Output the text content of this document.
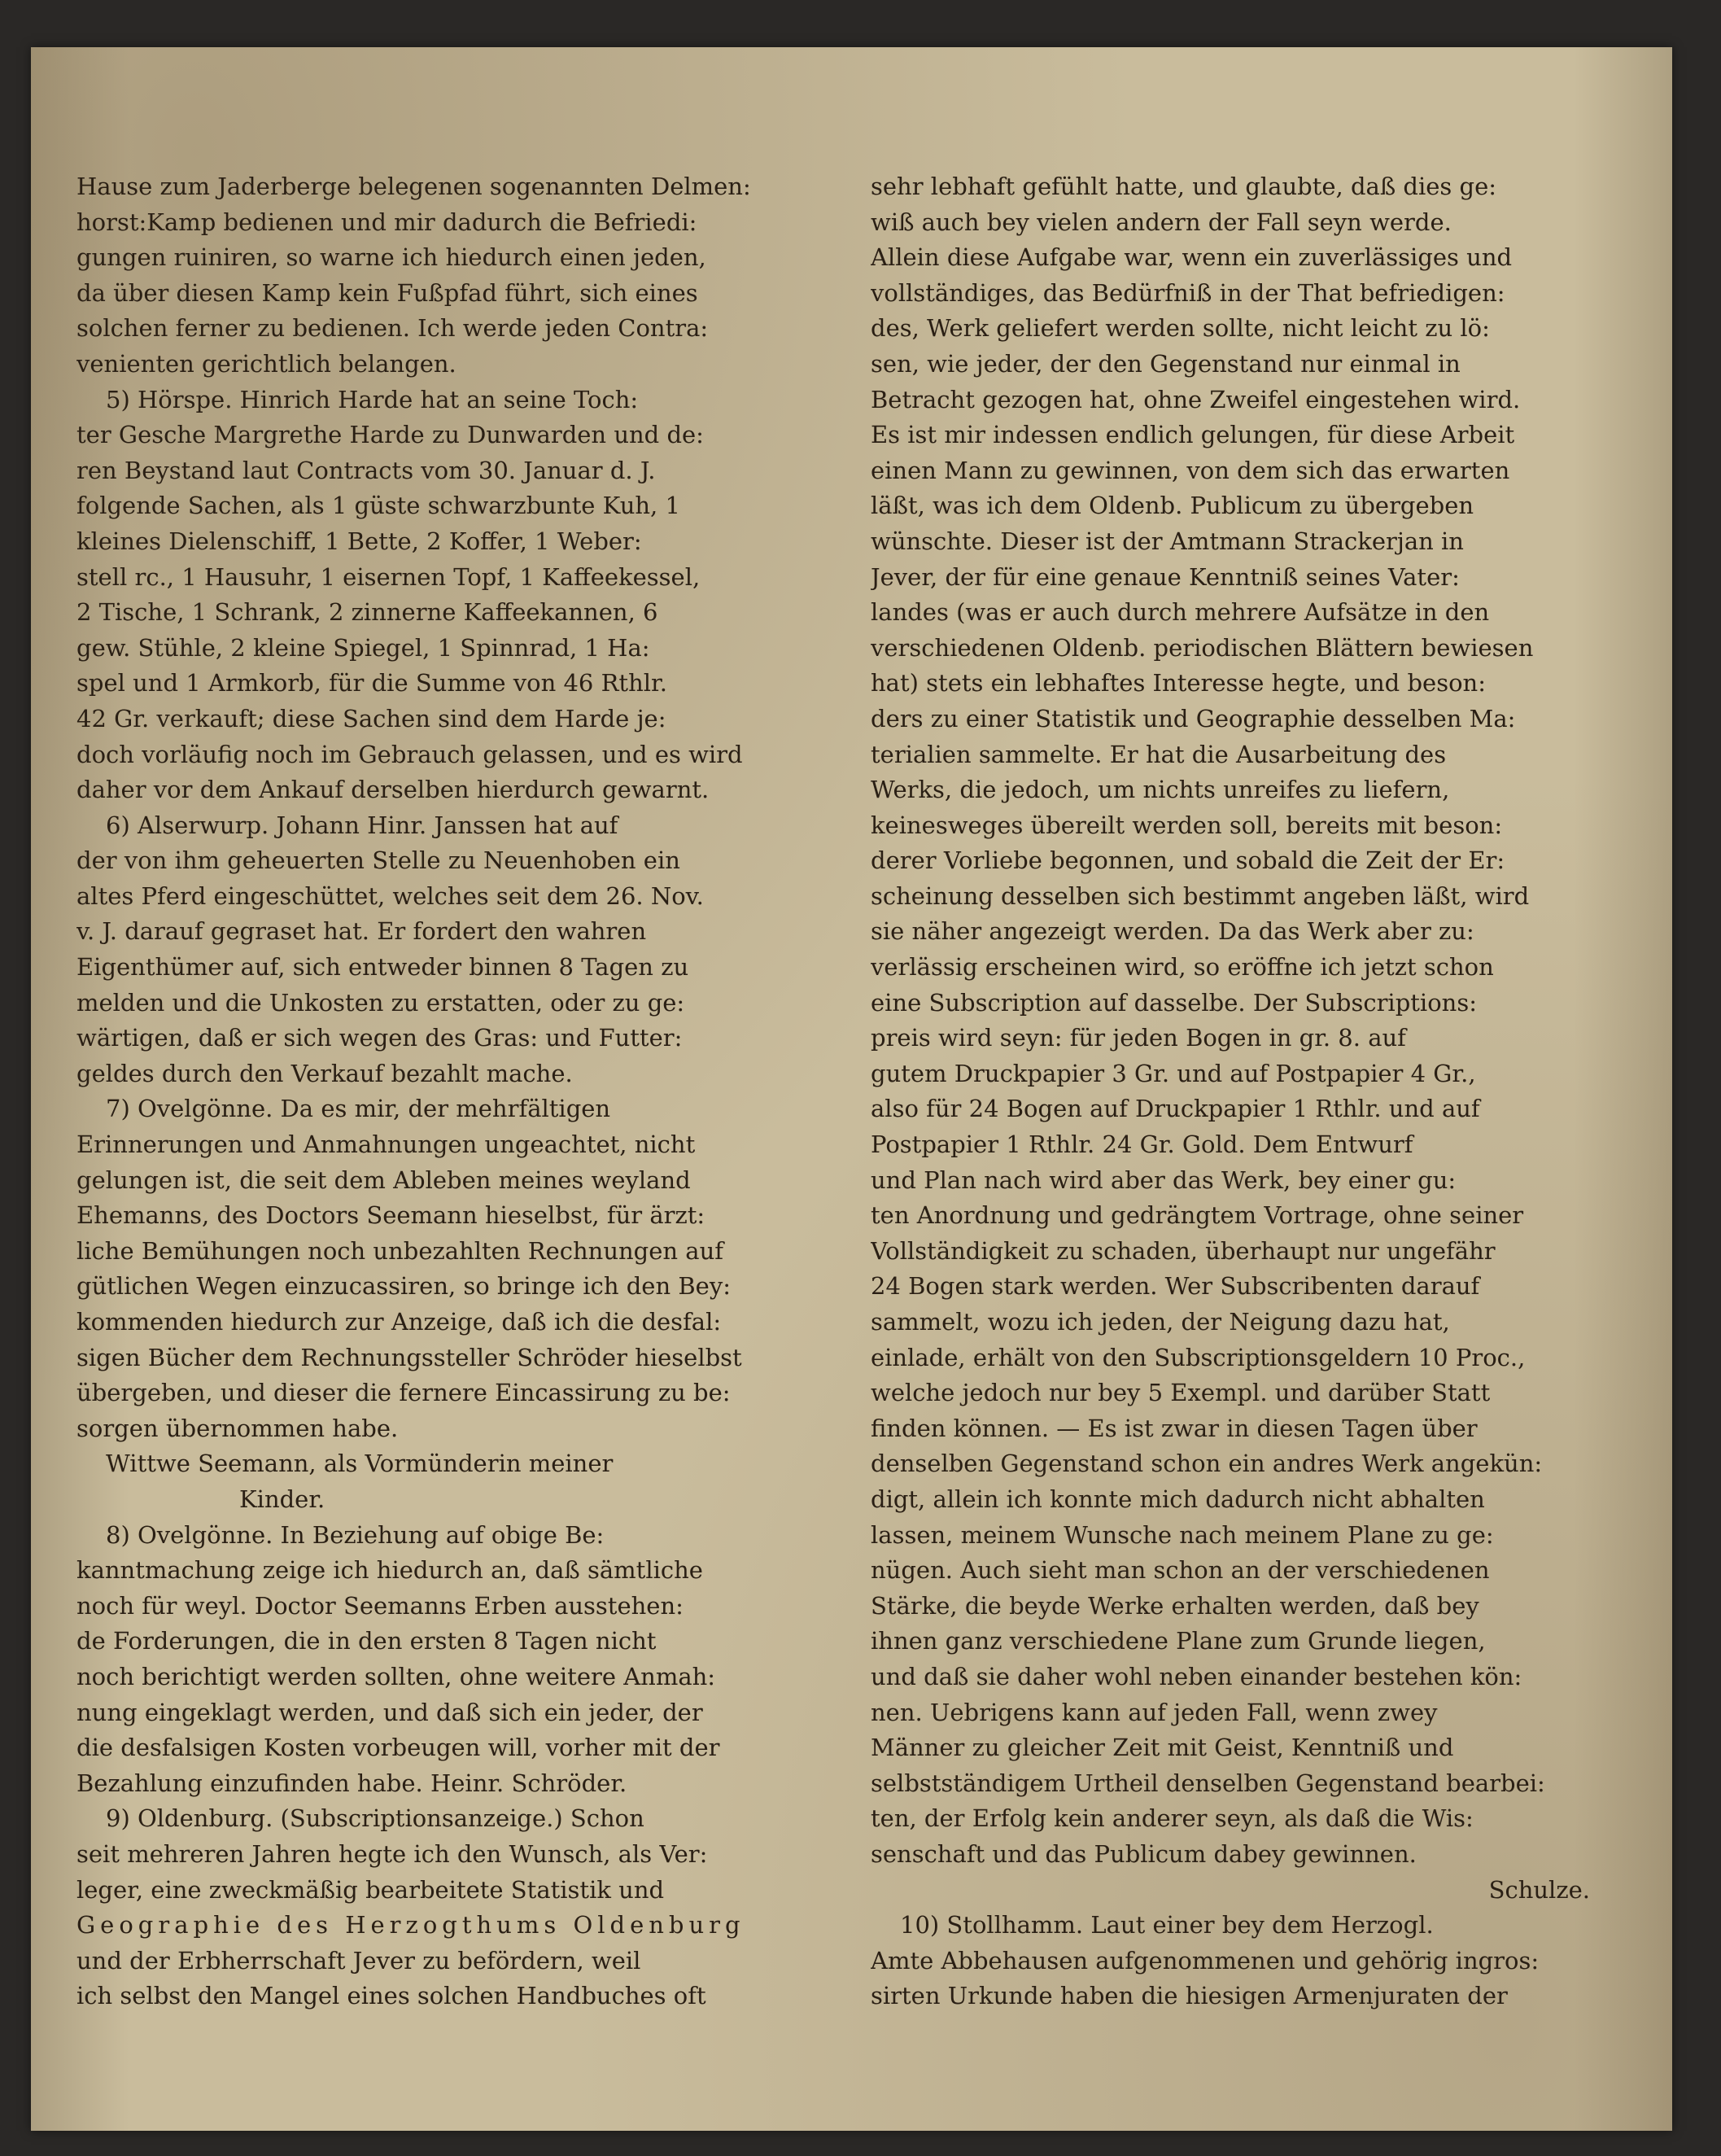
Hause zum Jaderberge belegenen sogenannten Delmen:
horst:Kamp bedienen und mir dadurch die Befriedi:
gungen ruiniren, so warne ich hiedurch einen jeden,
da über diesen Kamp kein Fußpfad führt, sich eines
solchen ferner zu bedienen. Ich werde jeden Contra:
venienten gerichtlich belangen.
5) Hörspe. Hinrich Harde hat an seine Toch:
ter Gesche Margrethe Harde zu Dunwarden und de:
ren Beystand laut Contracts vom 30. Januar d. J.
folgende Sachen, als 1 güste schwarzbunte Kuh, 1
kleines Dielenschiff, 1 Bette, 2 Koffer, 1 Weber:
stell rc., 1 Hausuhr, 1 eisernen Topf, 1 Kaffeekessel,
2 Tische, 1 Schrank, 2 zinnerne Kaffeekannen, 6
gew. Stühle, 2 kleine Spiegel, 1 Spinnrad, 1 Ha:
spel und 1 Armkorb, für die Summe von 46 Rthlr.
42 Gr. verkauft; diese Sachen sind dem Harde je:
doch vorläufig noch im Gebrauch gelassen, und es wird
daher vor dem Ankauf derselben hierdurch gewarnt.
6) Alserwurp. Johann Hinr. Janssen hat auf
der von ihm geheuerten Stelle zu Neuenhoben ein
altes Pferd eingeschüttet, welches seit dem 26. Nov.
v. J. darauf gegraset hat. Er fordert den wahren
Eigenthümer auf, sich entweder binnen 8 Tagen zu
melden und die Unkosten zu erstatten, oder zu ge:
wärtigen, daß er sich wegen des Gras: und Futter:
geldes durch den Verkauf bezahlt mache.
7) Ovelgönne. Da es mir, der mehrfältigen
Erinnerungen und Anmahnungen ungeachtet, nicht
gelungen ist, die seit dem Ableben meines weyland
Ehemanns, des Doctors Seemann hieselbst, für ärzt:
liche Bemühungen noch unbezahlten Rechnungen auf
gütlichen Wegen einzucassiren, so bringe ich den Bey:
kommenden hiedurch zur Anzeige, daß ich die desfal:
sigen Bücher dem Rechnungssteller Schröder hieselbst
übergeben, und dieser die fernere Eincassirung zu be:
sorgen übernommen habe.
Wittwe Seemann, als Vormünderin meiner
Kinder.
8) Ovelgönne. In Beziehung auf obige Be:
kanntmachung zeige ich hiedurch an, daß sämtliche
noch für weyl. Doctor Seemanns Erben ausstehen:
de Forderungen, die in den ersten 8 Tagen nicht
noch berichtigt werden sollten, ohne weitere Anmah:
nung eingeklagt werden, und daß sich ein jeder, der
die desfalsigen Kosten vorbeugen will, vorher mit der
Bezahlung einzufinden habe. Heinr. Schröder.
9) Oldenburg. (Subscriptionsanzeige.) Schon
seit mehreren Jahren hegte ich den Wunsch, als Ver:
leger, eine zweckmäßig bearbeitete Statistik und
Geographie des Herzogthums Oldenburg
und der Erbherrschaft Jever zu befördern, weil
ich selbst den Mangel eines solchen Handbuches oft
sehr lebhaft gefühlt hatte, und glaubte, daß dies ge:
wiß auch bey vielen andern der Fall seyn werde.
Allein diese Aufgabe war, wenn ein zuverlässiges und
vollständiges, das Bedürfniß in der That befriedigen:
des, Werk geliefert werden sollte, nicht leicht zu lö:
sen, wie jeder, der den Gegenstand nur einmal in
Betracht gezogen hat, ohne Zweifel eingestehen wird.
Es ist mir indessen endlich gelungen, für diese Arbeit
einen Mann zu gewinnen, von dem sich das erwarten
läßt, was ich dem Oldenb. Publicum zu übergeben
wünschte. Dieser ist der Amtmann Strackerjan in
Jever, der für eine genaue Kenntniß seines Vater:
landes (was er auch durch mehrere Aufsätze in den
verschiedenen Oldenb. periodischen Blättern bewiesen
hat) stets ein lebhaftes Interesse hegte, und beson:
ders zu einer Statistik und Geographie desselben Ma:
terialien sammelte. Er hat die Ausarbeitung des
Werks, die jedoch, um nichts unreifes zu liefern,
keinesweges übereilt werden soll, bereits mit beson:
derer Vorliebe begonnen, und sobald die Zeit der Er:
scheinung desselben sich bestimmt angeben läßt, wird
sie näher angezeigt werden. Da das Werk aber zu:
verlässig erscheinen wird, so eröffne ich jetzt schon
eine Subscription auf dasselbe. Der Subscriptions:
preis wird seyn: für jeden Bogen in gr. 8. auf
gutem Druckpapier 3 Gr. und auf Postpapier 4 Gr.,
also für 24 Bogen auf Druckpapier 1 Rthlr. und auf
Postpapier 1 Rthlr. 24 Gr. Gold. Dem Entwurf
und Plan nach wird aber das Werk, bey einer gu:
ten Anordnung und gedrängtem Vortrage, ohne seiner
Vollständigkeit zu schaden, überhaupt nur ungefähr
24 Bogen stark werden. Wer Subscribenten darauf
sammelt, wozu ich jeden, der Neigung dazu hat,
einlade, erhält von den Subscriptionsgeldern 10 Proc.,
welche jedoch nur bey 5 Exempl. und darüber Statt
finden können. — Es ist zwar in diesen Tagen über
denselben Gegenstand schon ein andres Werk angekün:
digt, allein ich konnte mich dadurch nicht abhalten
lassen, meinem Wunsche nach meinem Plane zu ge:
nügen. Auch sieht man schon an der verschiedenen
Stärke, die beyde Werke erhalten werden, daß bey
ihnen ganz verschiedene Plane zum Grunde liegen,
und daß sie daher wohl neben einander bestehen kön:
nen. Uebrigens kann auf jeden Fall, wenn zwey
Männer zu gleicher Zeit mit Geist, Kenntniß und
selbstständigem Urtheil denselben Gegenstand bearbei:
ten, der Erfolg kein anderer seyn, als daß die Wis:
senschaft und das Publicum dabey gewinnen.
Schulze.
10) Stollhamm. Laut einer bey dem Herzogl.
Amte Abbehausen aufgenommenen und gehörig ingros:
sirten Urkunde haben die hiesigen Armenjuraten der
